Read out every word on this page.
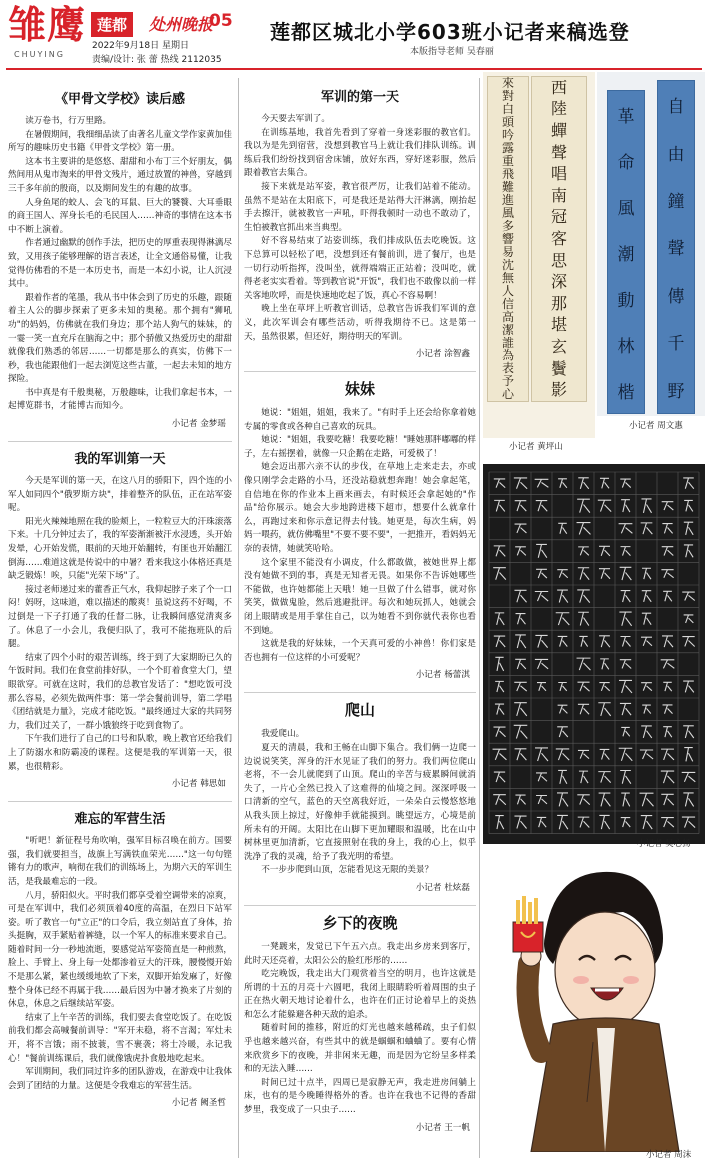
雏鹰
CHUYING
莲都	处州晚报
05
2022年9月18日 星期日
责编/设计: 张 蕾 热线 2112035
莲都区城北小学603班小记者来稿选登
本版指导老师 吴春丽
《甲骨文学校》读后感

读万卷书，行万里路。

在暑假期间，我细细品读了由著名儿童文学作家黄加佳所写的趣味历史书籍《甲骨文学校》第一册。

这本书主要讲的是悠悠、甜甜和小布丁三个好朋友，偶然间用从鬼市淘来的甲骨文残片，通过放置的神兽，穿越到三千多年前的殷商，以及期间发生的有趣的故事。

人身鱼尾的蛟人、会飞的耳鼠、巨大的饕餮、大耳垂眼的商王国人、浑身长毛的毛民国人……神奇的事情在这本书中不断上演着。

作者通过幽默的创作手法，把历史的厚重表现得淋漓尽致，又用孩子能够理解的语言表述，让全文通俗易懂，让我觉得仿佛看的不是一本历史书，而是一本幻小说，让人沉浸其中。

跟着作者的笔墨，我从书中体会到了历史的乐趣，跟随着主人公的脚步探索了更多未知的奥秘。那个拥有"狮吼功"的妈妈，仿佛就在我们身边；那个站人狗气的妹妹，的一霎一笑一直充斥在脑海之中；那个骄傲又热爱历史的甜甜就像我们熟悉的邻居……一切都是那么的真实，仿佛下一秒，我也能跟他们一起去浏览这些古董，一起去未知的地方探险。

书中真是有千般奥秘，万般趣味，让我们拿起书本，一起博览群书，才能博古而知今。

小记者 金梦瑶
我的军训第一天

今天是军训的第一天，在这八月的骄阳下，四个连的小军人如同四个"俄罗斯方块"，排着整齐的队伍，正在站军姿呢。

阳光火辣辣地照在我的脸颊上，一粒粒豆大的汗珠滚落下来。十几分钟过去了，我的军姿渐渐被汗水浸透，头开始发晕，心开始发慌，眼前的天地开始翻转，有匪也开始翻江倒海……难道这就是传说中的中暑？看来我这小体格还真是缺乏锻炼！唉，只能"光荣下场"了。

接过老师递过来的藿香正气水，我仰起脖子来了个一口闷！妈呀，这味道，难以描述的酸爽！虽说这药不好喝，不过倒是一下子打通了我的任督二脉，让我瞬间感觉清爽多了。休息了一小会儿，我便归队了，我可不能拖班队的后腿。

结束了四个小时的艰苦训练，终于到了大家期盼已久的午饭时间。我们在食堂前排好队，一个个盯着食堂大门，望眼欲穿。可就在这时，我们的总教官发话了："想吃饭可没那么容易，必须先做两件事：第一学会餐前训导，第二学唱《团结就是力量》，完成才能吃饭。"最终通过大家的共同努力，我们过关了，一群小饿狼终于吃到食物了。

下午我们进行了自己的口号和队歌，晚上教官还给我们上了防溺水和防霸凌的课程。这便是我的军训第一天，很累，也很精彩。

小记者 韩思如
难忘的军营生活

"听吧！新征程号角吹响，强军目标召唤在前方。国要强，我们就要担当，战旗上写满铁血荣光……"这一句句铿锵有力的歌声，响彻在我们的训练场上，为期六天的军训生活，是我最难忘的一段。

八月，骄阳似火。平时我们都享受着空调带来的凉爽，可是在军训中，我们必须顶着40度的高温，在烈日下站军姿。听了教官一句"立正"的口令后，我立刻站直了身体，抬头挺胸，双手紧贴着裤缝，以一个军人的标准来要求自己。随着时间一分一秒地流逝，要感觉站军姿简直是一种煎熬，脸上、手臂上、身上每一处都渗着豆大的汗珠，腰慢慢开始不是那么紧，紧也缓缓地软了下来，双脚开始发麻了，好像整个身体已经不再属于我……最后因为中暑才换来了片刻的休息，休息之后继续站军姿。

结束了上午辛苦的训练，我们要去食堂吃饭了。在吃饭前我们都会高喊餐前训导："军开未稳，将不言渴；军灶未开，将不言饿；雨不披蓑，雪不裹袭；将士冷暖，永记我心！"餐前训练课后，我们就像饿虎扑食般地吃起来。

军训期间，我们同过许多的团队游戏，在游戏中让我体会到了团结的力量。这便是令我难忘的军营生活。

小记者 阙圣哲
军训的第一天

今天要去军训了。

在训练基地，我首先看到了穿着一身迷彩服的教官们。我以为是先到宿营，没想到教官马上就让我们排队训练。训练后我们纷纷找到宿舍床铺，放好东西，穿好迷彩服，然后跟着教官去集合。

接下来就是站军姿，教官很严厉，让我们站着不能动。虽然不是站在太阳底下，可是我还是站得大汗淋漓，刚抬起手去擦汗，就被教官一声吼，吓得我顿时一动也不敢动了，生怕被教官抓出来当典型。

好不容易结束了站姿训练，我们排成队伍去吃晚饭。这下总算可以轻松了吧，没想到还有餐前训，进了餐厅，也是一切行动听指挥，没叫坐，就得端端正正站着；没叫吃，就得老老实实看着。等到教官说"开饭"，我们也不敢像以前一样关客地吹呼，而是快速地吃起了饭，真心不容易啊！

晚上坐在草坪上听教官训话，总教官告诉我们军训的意义，此次军训会有哪些活动，听得我期待不已。这是第一天，虽然很累，但还好，期待明天的军训。

小记者 涂智鑫
妹妹

她说："姐姐，姐姐，我来了。"有时手上还会给你拿着她专属的零食或各种自己喜欢的玩具。

她说："姐姐，我要吃糖！我要吃糖！"睡她那胖嘟嘟的样子，左右摇摆着，就像一只企鹅在走路，可爱极了！

她会迈出那六亲不认的步伐，在草地上走来走去，亦或像只刚学会走路的小马，还没站稳就想奔跑！她会拿起笔，自信地在你的作业本上画来画去，有时候还会拿起她的"作品"给你展示。她会大步地跨进楼下超市，想要什么就拿什么，再跑过来和你示意记得去付钱。她更是，每次生病，妈妈一喂药，就仿佛嘴里"不要不要不要"，一把推开，看妈妈无奈的表情，她就笑哈哈。

这个家里不能没有小调皮，什么都敢做，被她世界上都没有她做不到的事，真是无知者无畏。如果你不告诉她哪些不能做，也许她都能上天哦！她一旦做了什么错事，就对你笑笑，做做鬼脸，然后逃避批评。每次和她玩抓人，她就会闭上眼睛或是用手掌住自己，以为她看不到你就代表你也看不到她。

这就是我的好妹妹，一个天真可爱的小神兽！你们家是否也拥有一位这样的小可爱呢？

小记者 杨蕾淇
爬山

我爱爬山。

夏天的清晨，我和王畅在山脚下集合。我们俩一边爬一边说说笑笑，浑身的汗水见证了我们的努力。我们两位爬山老将，不一会儿就爬到了山顶。爬山的辛苦与疲累瞬间就消失了，一片心全然已投入了这难得的仙境之间。深深呼吸一口清新的空气，蓝色的天空离我好近，一朵朵白云慢悠悠地从我头顶上掠过，好像伸手就能摸到。眺望远方，心境是前所未有的开阔。太阳比在山脚下更加耀眼和温暖，比在山中树林里更加清新，它直接照射在我的身上，我的心上，似乎洗净了我的灵魂，给予了我光明的希望。

不一步步爬到山顶，怎能看见这无限的美景？

小记者 杜炫磊
乡下的夜晚

一凳踱来，发觉已下午五六点。我走出乡房来到客厅，此时天还亮着，太阳公公的脸红彤彤的……

吃完晚饭，我走出大门观赏着当空的明月，也许这就是所谓的十五的月亮十六圆吧，我闭上眼睛聆听着周围的虫子正在热火朝天地讨论着什么，也许在们正讨论着早上的炎热和怎么才能躲避各种天敌的追杀。

随着时间的推移，附近的灯光也越来越稀疏，虫子们似乎也越来越兴奋，有些其中的就是蝈蝈和蛐蛐了。要有心情来欣赏乡下的夜晚，并非闲来无趣，而是因为它纷呈多样柔和的无法入睡……

时间已过十点半，四周已是寂静无声，我走进房间躺上床，也有的是今晚睡得格外的香。也许在我也不记得的香甜梦里，我变成了一只虫子……

小记者 王一帆
西
陸
蟬
聲
唱
南
冠
客
思
深
那
堪
玄
鬢
影
來
對
白
頭
吟
露
重
飛
難
進
風
多
響
易
沈
無
人
信
高
潔
誰
為
表
予
心
小记者 黄坪山
革
命
風
潮
動
林
楷
自
由
鐘
聲
傳
千
野
小记者 周文惠
小记者 吴心扬
小记者 周沫
